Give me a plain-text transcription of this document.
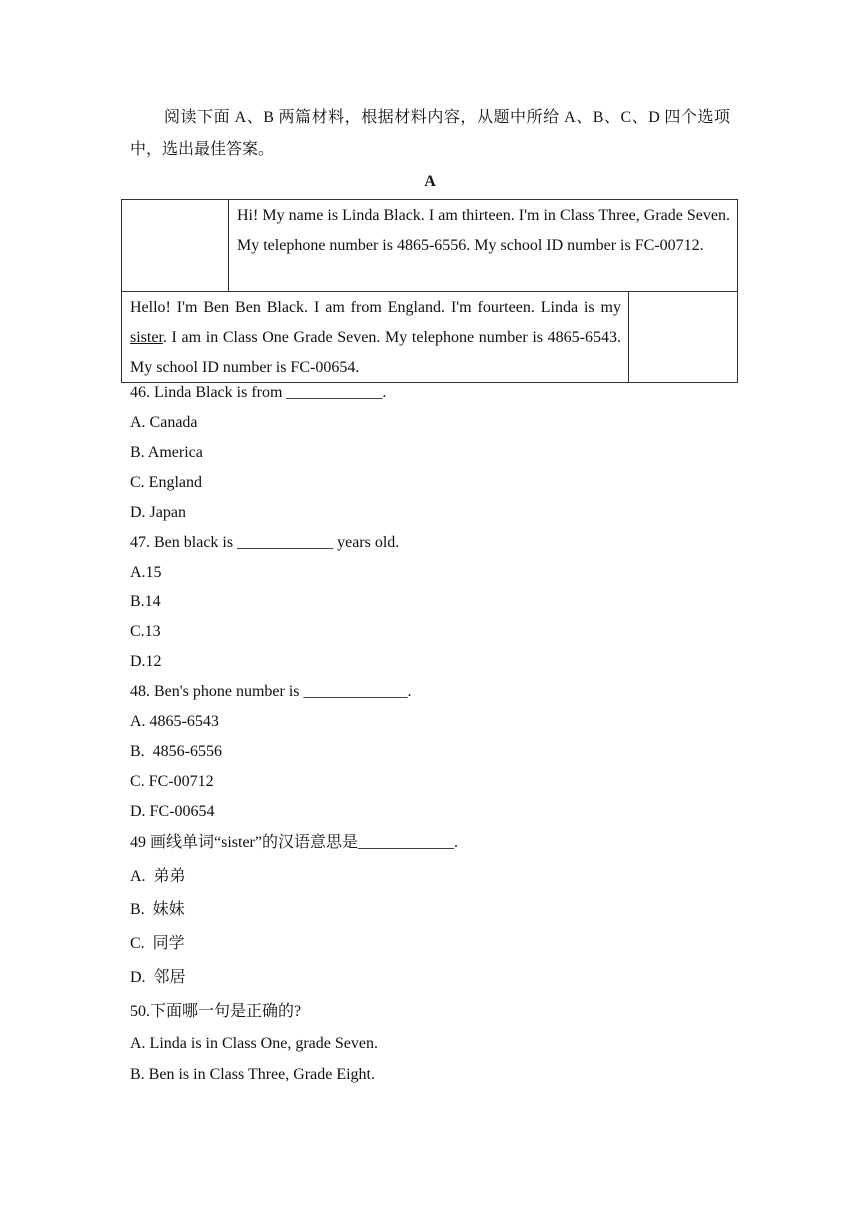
阅读下面 A、B 两篇材料，根据材料内容，从题中所给 A、B、C、D 四个选项中，选出最佳答案。
A
Hi! My name is Linda Black. I am thirteen. I'm in Class Three, Grade Seven. My telephone number is 4865-6556. My school ID number is FC-00712.
Hello! I'm Ben Ben Black. I am from England. I'm fourteen. Linda is my sister. I am in Class One Grade Seven. My telephone number is 4865-6543. My school ID number is FC-00654.
46. Linda Black is from ____________.
A. Canada
B. America
C. England
D. Japan
47. Ben black is ____________ years old.
A.15
B.14
C.13
D.12
48. Ben's phone number is _____________.
A. 4865-6543
B.  4856-6556
C. FC-00712
D. FC-00654
49 画线单词“sister”的汉语意思是____________.
A.  弟弟
B.  妹妹
C.  同学
D.  邻居
50.下面哪一句是正确的?
A. Linda is in Class One, grade Seven.
B. Ben is in Class Three, Grade Eight.
